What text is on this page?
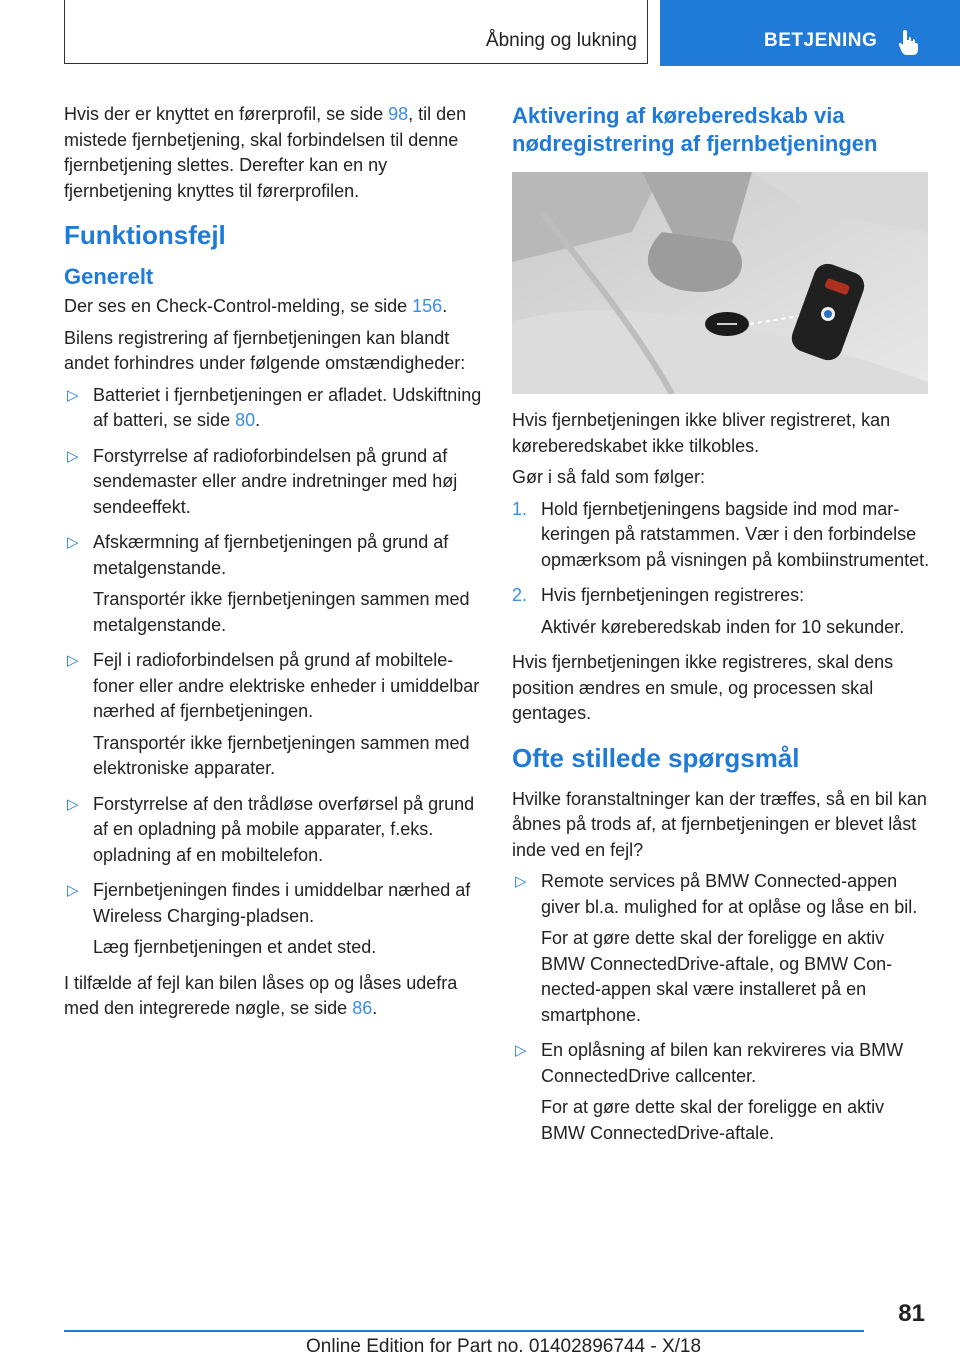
Åbning og lukning	BETJENING

Hvis der er knyttet en førerprofil, se side 98, til den mistede fjernbetjening, skal forbindelsen til denne fjernbetjening slettes. Derefter kan en ny fjernbetjening knyttes til førerprofilen.

Funktionsfejl
Generelt

Der ses en Check-Control-melding, se side 156.

Bilens registrering af fjernbetjeningen kan blandt andet forhindres under følgende omstændigheder:

▷ Batteriet i fjernbetjeningen er afladet. Udskiftning af batteri, se side 80.
▷ Forstyrrelse af radioforbindelsen på grund af sendemaster eller andre indretninger med høj sendeeffekt.
▷ Afskærmning af fjernbetjeningen på grund af metalgenstande.
Transportér ikke fjernbetjeningen sammen med metalgenstande.
▷ Fejl i radioforbindelsen på grund af mobiltelefoner eller andre elektriske enheder i umiddelbar nærhed af fjernbetjeningen.
Transportér ikke fjernbetjeningen sammen med elektroniske apparater.
▷ Forstyrrelse af den trådløse overførsel på grund af en opladning på mobile apparater, f.eks. opladning af en mobiltelefon.
▷ Fjernbetjeningen findes i umiddelbar nærhed af Wireless Charging-pladsen.
Læg fjernbetjeningen et andet sted.

I tilfælde af fejl kan bilen låses op og låses udefra med den integrerede nøgle, se side 86.

Aktivering af køreberedskab via nødregistrering af fjernbetjeningen

Hvis fjernbetjeningen ikke bliver registreret, kan køreberedskabet ikke tilkobles.

Gør i så fald som følger:

1. Hold fjernbetjeningens bagside ind mod markeringen på ratstammen. Vær i den forbindelse opmærksom på visningen på kombiinstrumentet.
2. Hvis fjernbetjeningen registreres:
Aktivér køreberedskab inden for 10 sekunder.

Hvis fjernbetjeningen ikke registreres, skal dens position ændres en smule, og processen skal gentages.

Ofte stillede spørgsmål

Hvilke foranstaltninger kan der træffes, så en bil kan åbnes på trods af, at fjernbetjeningen er blevet låst inde ved en fejl?

▷ Remote services på BMW Connected-appen giver bl.a. mulighed for at oplåse og låse en bil.
For at gøre dette skal der foreligge en aktiv BMW ConnectedDrive-aftale, og BMW Connected-appen skal være installeret på en smartphone.
▷ En oplåsning af bilen kan rekvireres via BMW ConnectedDrive callcenter.
For at gøre dette skal der foreligge en aktiv BMW ConnectedDrive-aftale.
81
Online Edition for Part no. 01402896744 - X/18
